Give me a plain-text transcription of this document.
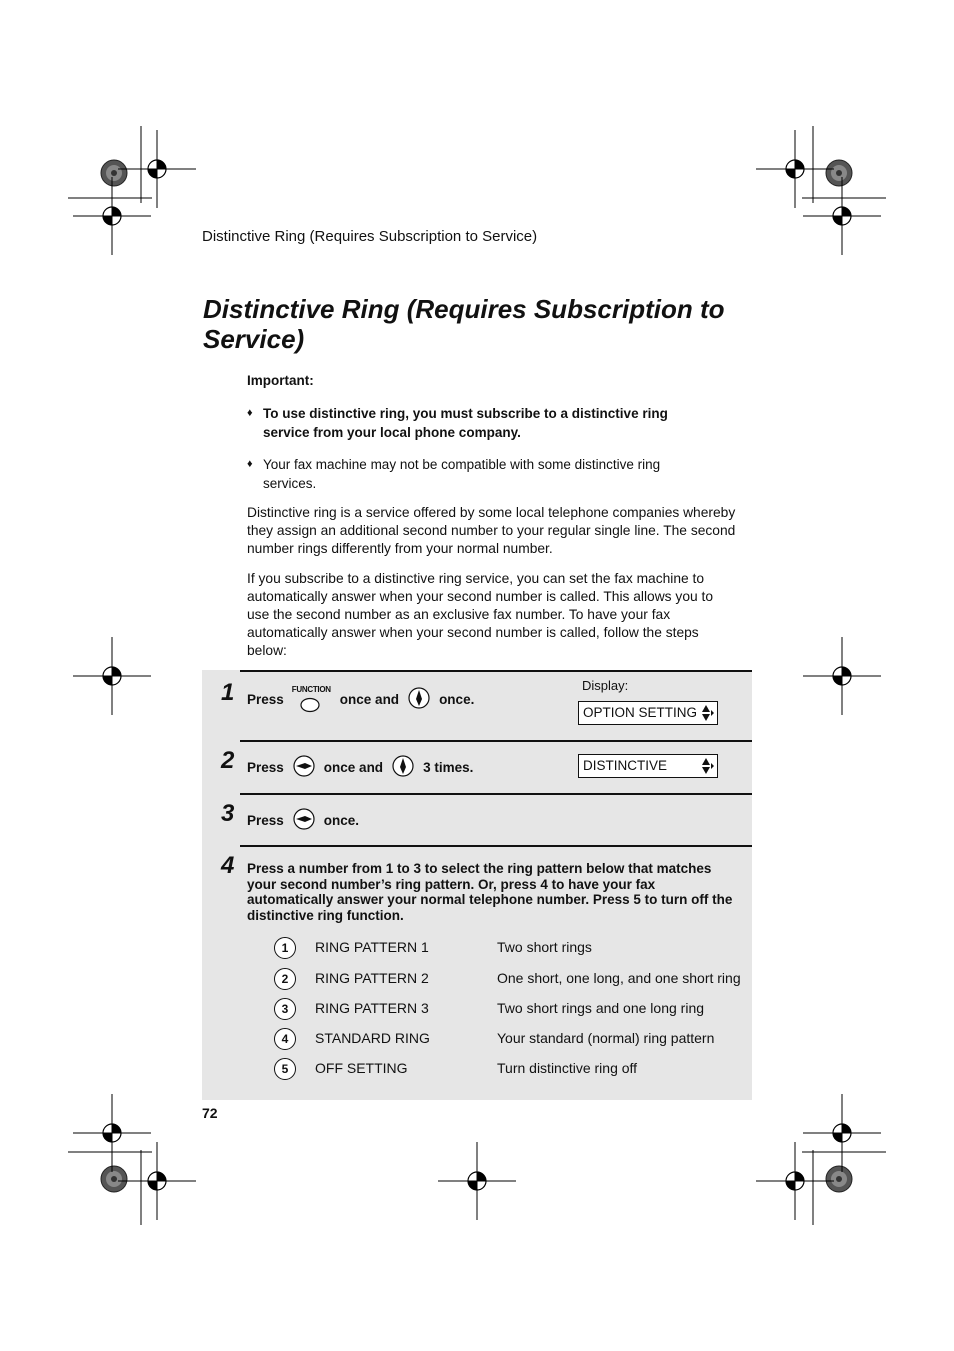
Distinctive Ring (Requires Subscription to Service)
Distinctive Ring (Requires Subscription to Service)
Important:
♦ To use distinctive ring, you must subscribe to a distinctive ring service from your local phone company.
♦ Your fax machine may not be compatible with some distinctive ring services.
Distinctive ring is a service offered by some local telephone companies whereby they assign an additional second number to your regular single line. The second number rings differently from your normal number.
If you subscribe to a distinctive ring service, you can set the fax machine to automatically answer when your second number is called. This allows you to use the second number as an exclusive fax number. To have your fax automatically answer when your second number is called, follow the steps below:
1 Press
FUNCTION
once and	once.
Display:
OPTION SETTING
2 Press	once and	3 times.	DISTINCTIVE
3 Press	once.
4 Press a number from 1 to 3 to select the ring pattern below that matches your second number’s ring pattern. Or, press 4 to have your fax automatically answer your normal telephone number. Press 5 to turn off the distinctive ring function.
1	RING PATTERN 1	Two short rings
2	RING PATTERN 2	One short, one long, and one short ring
3	RING PATTERN 3	Two short rings and one long ring
4	STANDARD RING	Your standard (normal) ring pattern
5	OFF SETTING	Turn distinctive ring off
72
